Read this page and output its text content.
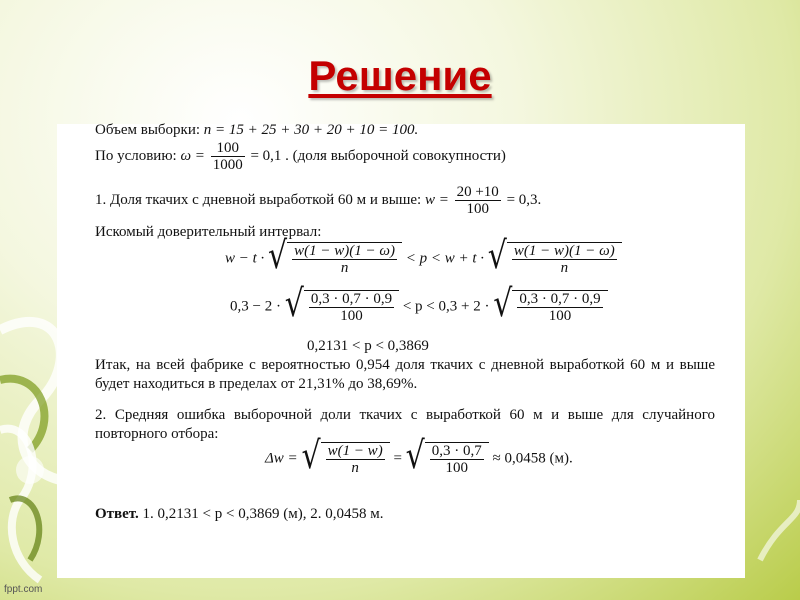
Решение
Объем выборки: n = 15 + 25 + 30 + 20 + 10 = 100.
По условию: $\omega = \frac{100}{1000} = 0,1$ . (доля выборочной совокупности)
1. Доля ткачих с дневной выработкой 60 м и выше: $w = \frac{20 +10}{100} = 0,3$.
Искомый доверительный интервал:
w − t · √ $\frac{w(1 - w)(1 - \omega)}{n} < p < w + t$ · √ $\frac{w(1 - w)(1 - \omega)}{n}$
0,3 − 2 · √ $\frac{0,3 \cdot 0,7 \cdot 0,9}{100} < p < 0,3 + 2$ · √ $\frac{0,3 \cdot 0,7 \cdot 0,9}{100}$
0,2131 < p < 0,3869
Итак, на всей фабрике с вероятностью 0,954 доля ткачих с дневной выработкой 60 м и выше будет находиться в пределах от 21,31% до 38,69%.
2. Средняя ошибка выборочной доли ткачих с выработкой 60 м и выше для случайного повторного отбора:
Δw = √ $\frac{w(1 - w)}{n}$ = √ $\frac{0,3 \cdot 0,7}{100} \approx 0,0458$ (м).
Ответ. 1. 0,2131 < p < 0,3869 (м), 2. 0,0458 м.
fppt.com
